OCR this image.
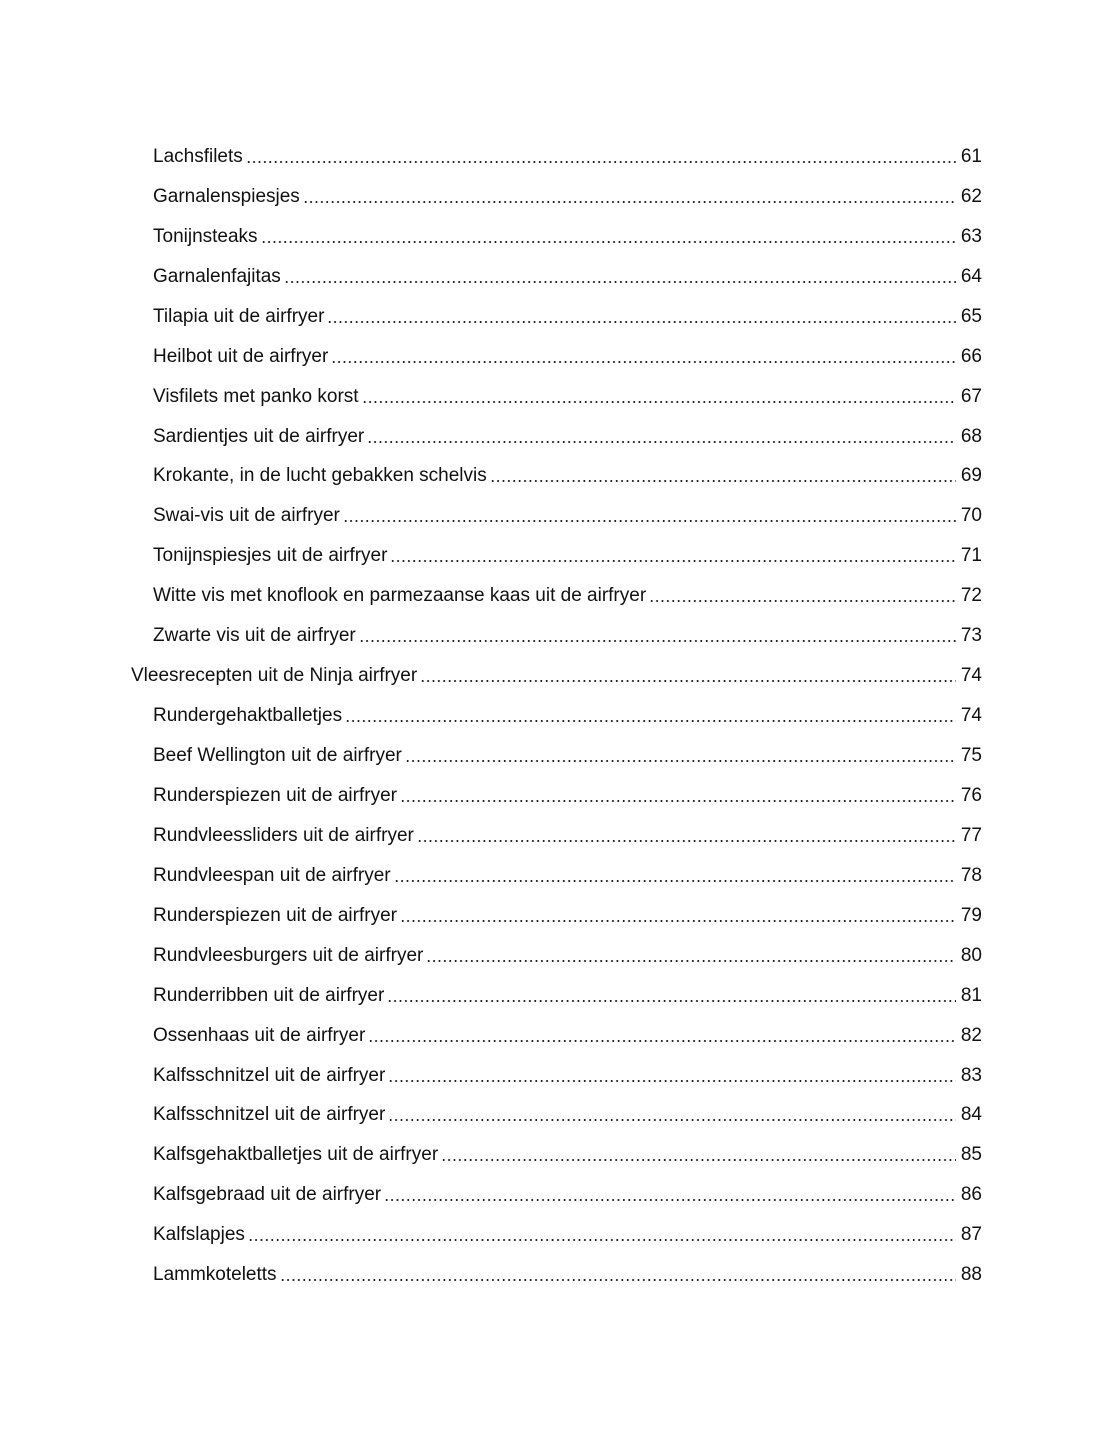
Lachsfilets	61
Garnalenspiesjes	62
Tonijnsteaks	63
Garnalenfajitas	64
Tilapia uit de airfryer	65
Heilbot uit de airfryer	66
Visfilets met panko korst	67
Sardientjes uit de airfryer	68
Krokante, in de lucht gebakken schelvis	69
Swai-vis uit de airfryer	70
Tonijnspiesjes uit de airfryer	71
Witte vis met knoflook en parmezaanse kaas uit de airfryer	72
Zwarte vis uit de airfryer	73
Vleesrecepten uit de Ninja airfryer	74
Rundergehaktballetjes	74
Beef Wellington uit de airfryer	75
Runderspiezen uit de airfryer	76
Rundvleessliders uit de airfryer	77
Rundvleespan uit de airfryer	78
Runderspiezen uit de airfryer	79
Rundvleesburgers uit de airfryer	80
Runderribben uit de airfryer	81
Ossenhaas uit de airfryer	82
Kalfsschnitzel uit de airfryer	83
Kalfsschnitzel uit de airfryer	84
Kalfsgehaktballetjes uit de airfryer	85
Kalfsgebraad uit de airfryer	86
Kalfslapjes	87
Lammkoteletts	88
